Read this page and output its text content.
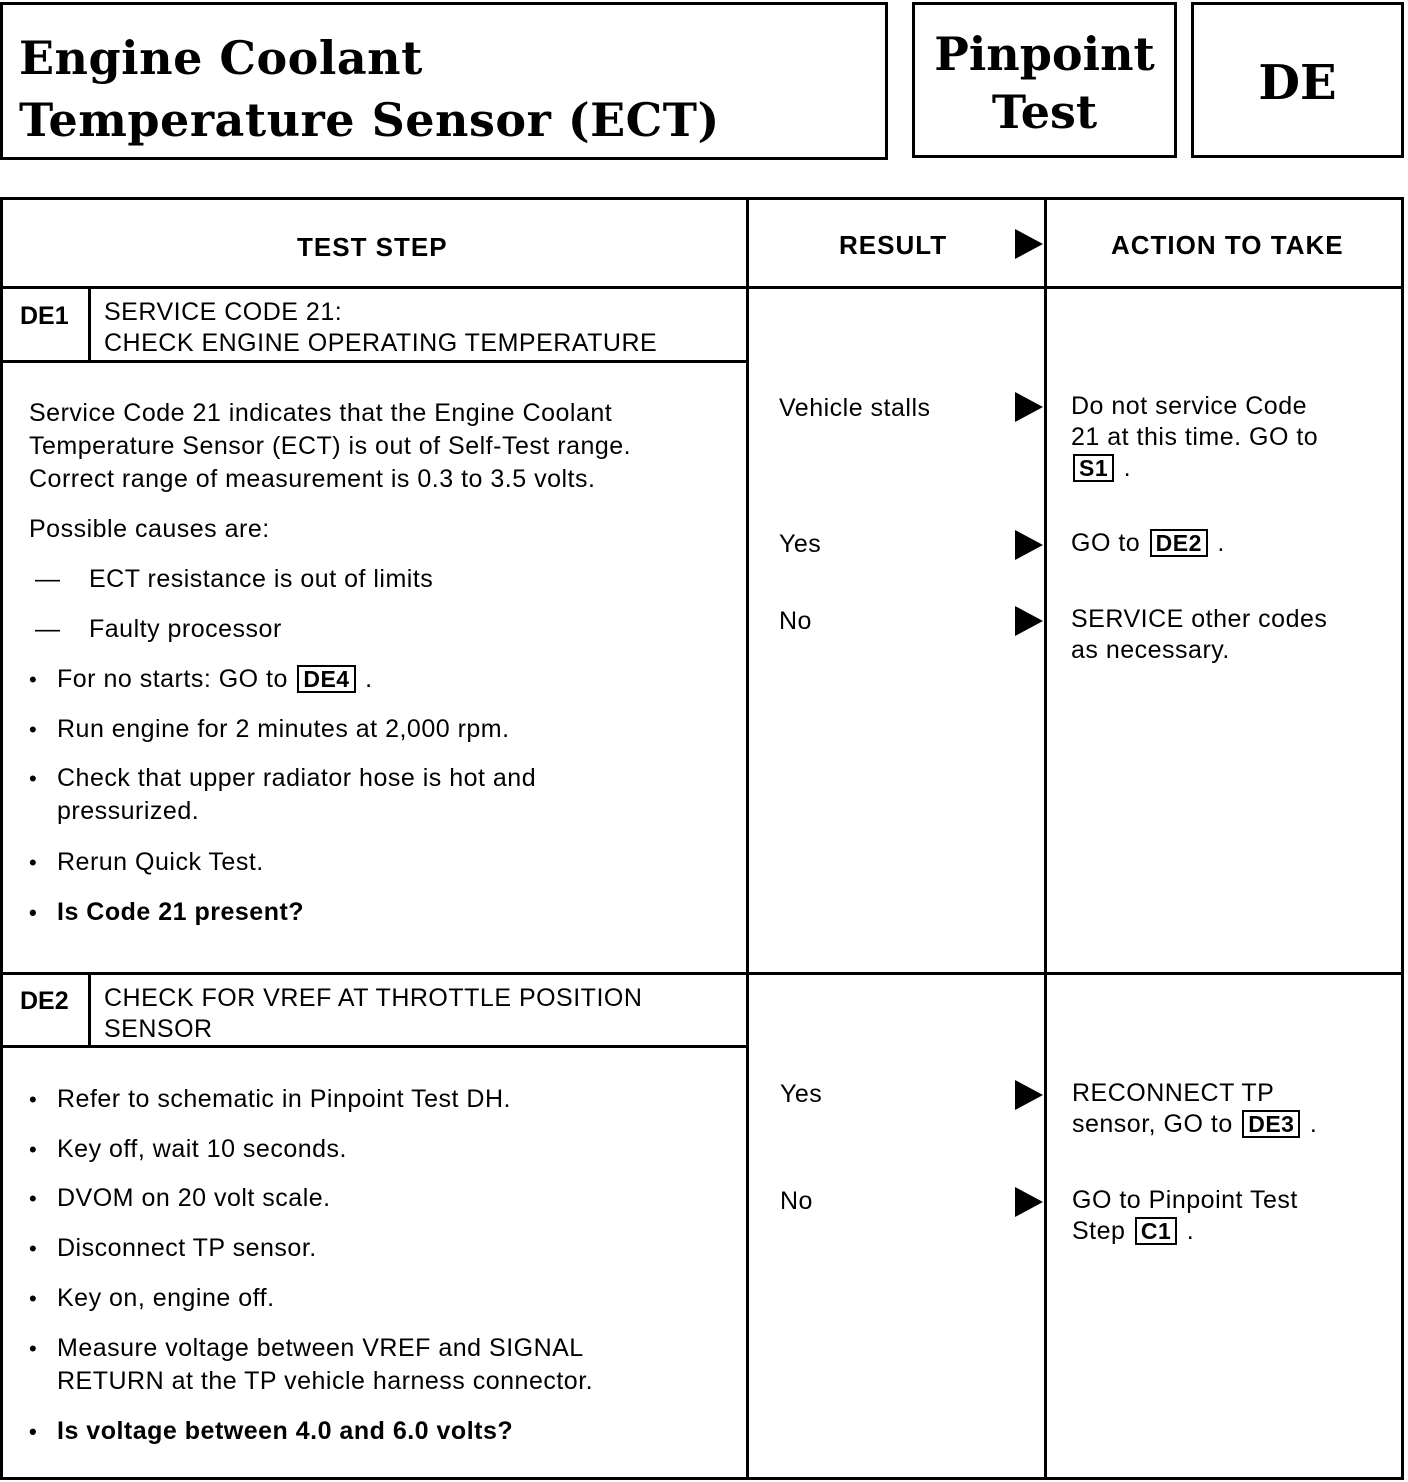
Engine Coolant
Temperature Sensor (ECT)
Pinpoint
Test
DE
TEST STEP	RESULT	ACTION TO TAKE
DE1 SERVICE CODE 21:
CHECK ENGINE OPERATING TEMPERATURE
Service Code 21 indicates that the Engine Coolant
Temperature Sensor (ECT) is out of Self-Test range.
Correct range of measurement is 0.3 to 3.5 volts.
Possible causes are:
— ECT resistance is out of limits
— Faulty processor
• For no starts: GO to DE4 .
• Run engine for 2 minutes at 2,000 rpm.
• Check that upper radiator hose is hot and
pressurized.
• Rerun Quick Test.
• Is Code 21 present?
Vehicle stalls	Do not service Code
21 at this time. GO to
S1 .
Yes	GO to DE2 .
No	SERVICE other codes
as necessary.
DE2 CHECK FOR VREF AT THROTTLE POSITION
SENSOR
• Refer to schematic in Pinpoint Test DH.
• Key off, wait 10 seconds.
• DVOM on 20 volt scale.
• Disconnect TP sensor.
• Key on, engine off.
• Measure voltage between VREF and SIGNAL
RETURN at the TP vehicle harness connector.
• Is voltage between 4.0 and 6.0 volts?
Yes	RECONNECT TP
sensor, GO to DE3 .
No	GO to Pinpoint Test
Step C1 .
